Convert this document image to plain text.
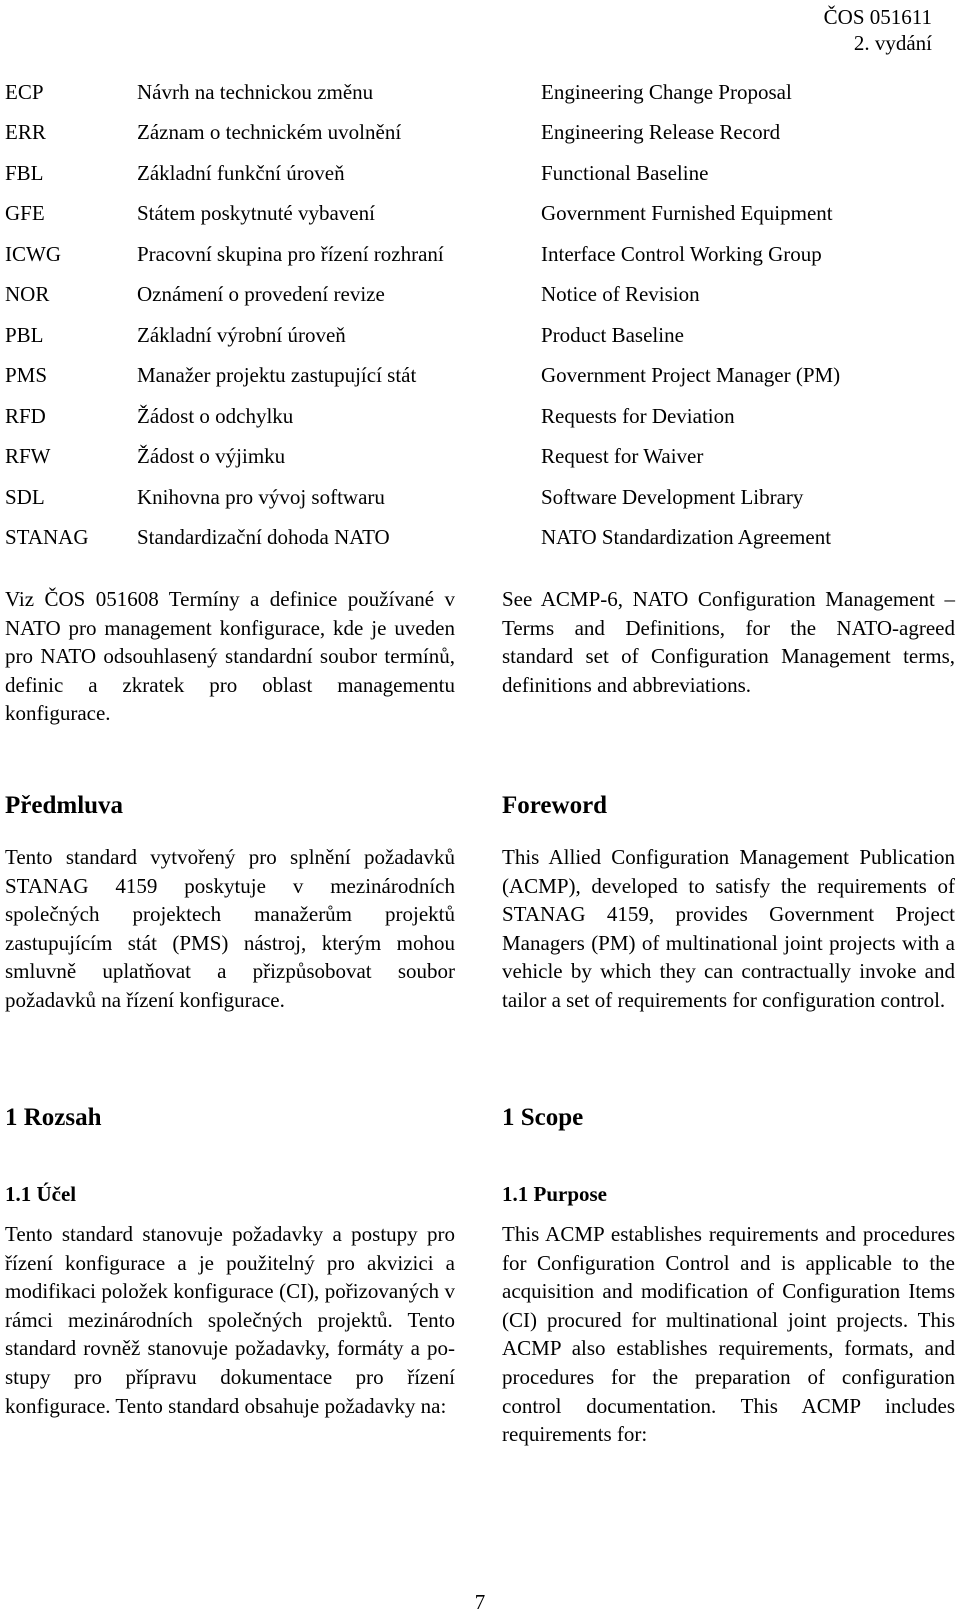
ČOS 051611
2. vydání
ECP	Návrh na technickou změnu	Engineering Change Proposal
ERR	Záznam o technickém uvolnění	Engineering Release Record
FBL	Základní funkční úroveň	Functional Baseline
GFE	Státem poskytnuté vybavení	Government Furnished Equipment
ICWG	Pracovní skupina pro řízení rozhraní	Interface Control Working Group
NOR	Oznámení o provedení revize	Notice of Revision
PBL	Základní výrobní úroveň	Product Baseline
PMS	Manažer projektu zastupující stát	Government Project Manager (PM)
RFD	Žádost o odchylku	Requests for Deviation
RFW	Žádost o výjimku	Request for Waiver
SDL	Knihovna pro vývoj softwaru	Software Development Library
STANAG	Standardizační dohoda NATO	NATO Standardization Agreement

Viz ČOS 051608 Termíny a definice používané v NATO pro management konfigurace, kde je uveden pro NATO odsouhlasený standardní soubor termínů, definic a zkratek pro oblast managementu konfigurace.

Předmluva

Tento standard vytvořený pro splnění požadavků STANAG 4159 poskytuje v mezinárodních společných projektech manažerům projektů zastupujícím stát (PMS) nástroj, kterým mohou smluvně uplatňovat a přizpůsobovat soubor požadavků na řízení konfigurace.

1 Rozsah

1.1 Účel

Tento standard stanovuje požadavky a postupy pro řízení konfigurace a je použitelný pro akvizici a modifikaci položek konfigurace (CI), pořizovaných v rámci mezinárodních společných projektů. Tento standard rovněž stanovuje požadavky, formáty a postupy pro přípravu dokumentace pro řízení konfigurace. Tento standard obsahuje požadavky na:

See ACMP-6, NATO Configuration Management – Terms and Definitions, for the NATO-agreed standard set of Configuration Management terms, definitions and abbreviations.

Foreword

This Allied Configuration Management Publication (ACMP), developed to satisfy the requirements of STANAG 4159, provides Government Project Managers (PM) of multinational joint projects with a vehicle by which they can contractually invoke and tailor a set of requirements for configuration control.

1 Scope

1.1 Purpose

This ACMP establishes requirements and procedures for Configuration Control and is applicable to the acquisition and modification of Configuration Items (CI) procured for multinational joint projects. This ACMP also establishes requirements, formats, and procedures for the preparation of configuration control documentation. This ACMP includes requirements for:

7
